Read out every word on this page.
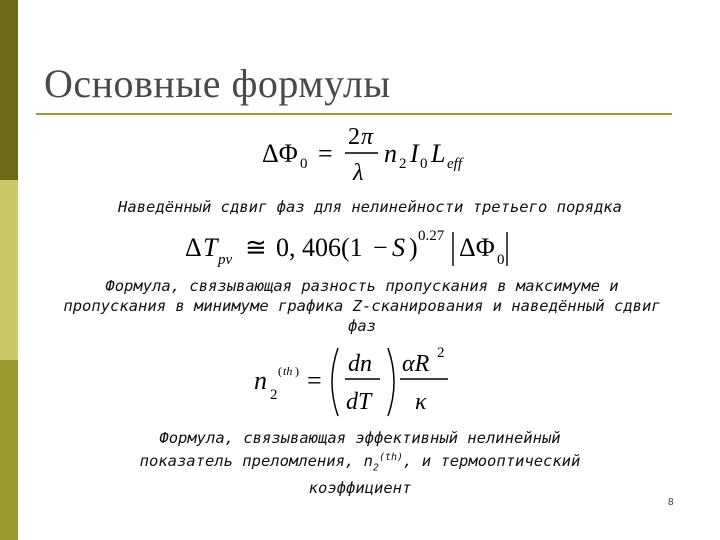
Основные формулы
ΔΦ 0 =
2 π
λ
n 2 I 0 L eff
Наведённый сдвиг фаз для нелинейности третьего порядка
Δ T pv ≅ 0, 406(1 − S ) 0.27 ΔΦ 0
Формула, связывающая разность пропускания в максимуме и
пропускания в минимуме графика Z-сканирования и наведённый сдвиг
фаз
n 2
( th ) =
dn
dT
αR 2
κ
Формула, связывающая эффективный нелинейный
показатель преломления, $n_2^{(th)}$, и термооптический
коэффициент
8
